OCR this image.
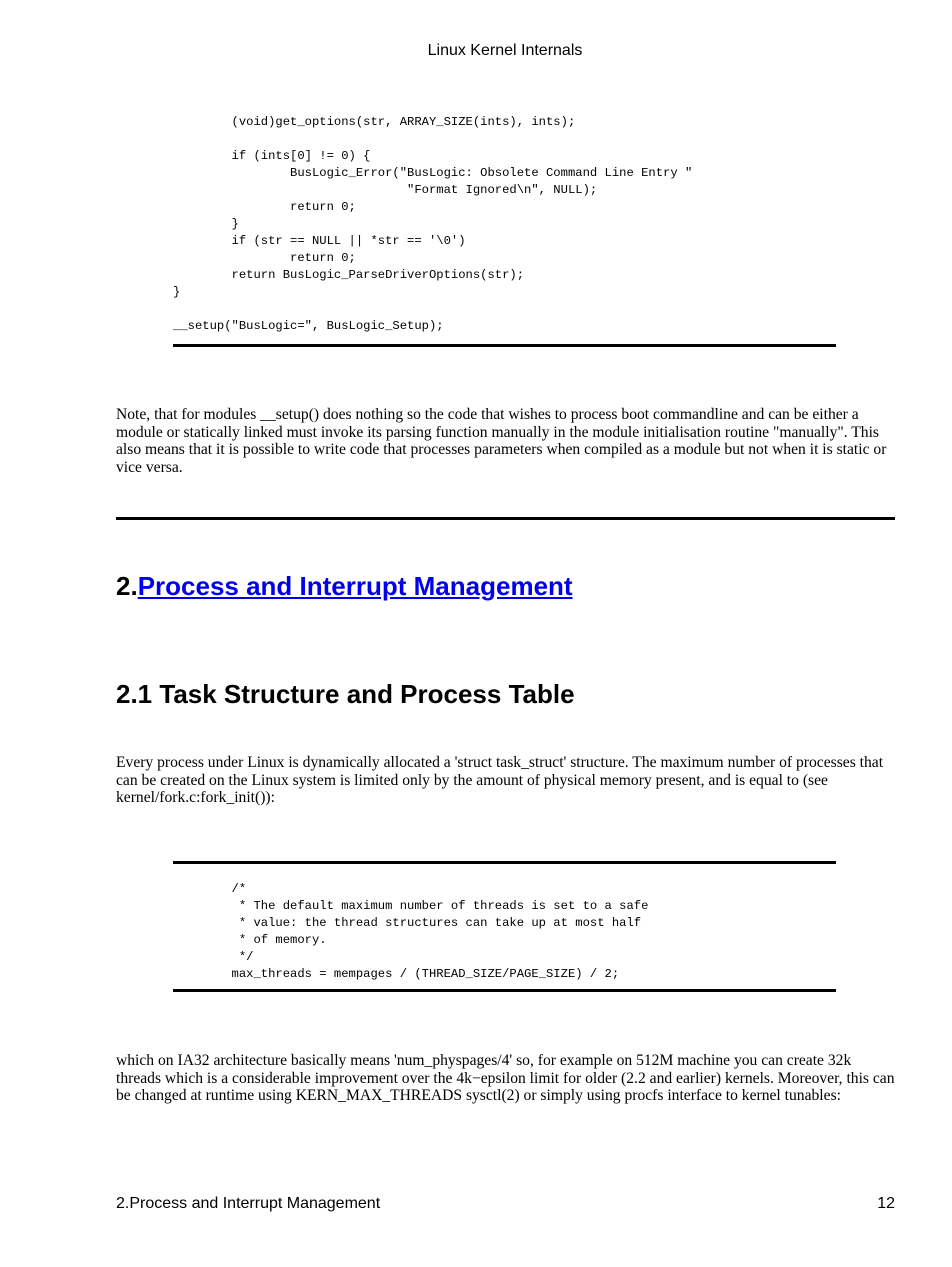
Linux Kernel Internals
(void)get_options(str, ARRAY_SIZE(ints), ints);

if (ints[0] != 0) {
BusLogic_Error("BusLogic: Obsolete Command Line Entry "
"Format Ignored\n", NULL);
return 0;
}
if (str == NULL || *str == '\0')
return 0;
return BusLogic_ParseDriverOptions(str);
}

__setup("BusLogic=", BusLogic_Setup);

Note, that for modules __setup() does nothing so the code that wishes to process boot commandline and can be either a module or statically linked must invoke its parsing function manually in the module initialisation routine "manually". This also means that it is possible to write code that processes parameters when compiled as a module but not when it is static or vice versa.

2.Process and Interrupt Management
2.1 Task Structure and Process Table

Every process under Linux is dynamically allocated a 'struct task_struct' structure. The maximum number of processes that can be created on the Linux system is limited only by the amount of physical memory present, and is equal to (see kernel/fork.c:fork_init()):

/*
* The default maximum number of threads is set to a safe
* value: the thread structures can take up at most half
* of memory.
*/
max_threads = mempages / (THREAD_SIZE/PAGE_SIZE) / 2;

which on IA32 architecture basically means 'num_physpages/4' so, for example on 512M machine you can create 32k threads which is a considerable improvement over the 4k−epsilon limit for older (2.2 and earlier) kernels. Moreover, this can be changed at runtime using KERN_MAX_THREADS sysctl(2) or simply using procfs interface to kernel tunables:

2.Process and Interrupt Management	12
